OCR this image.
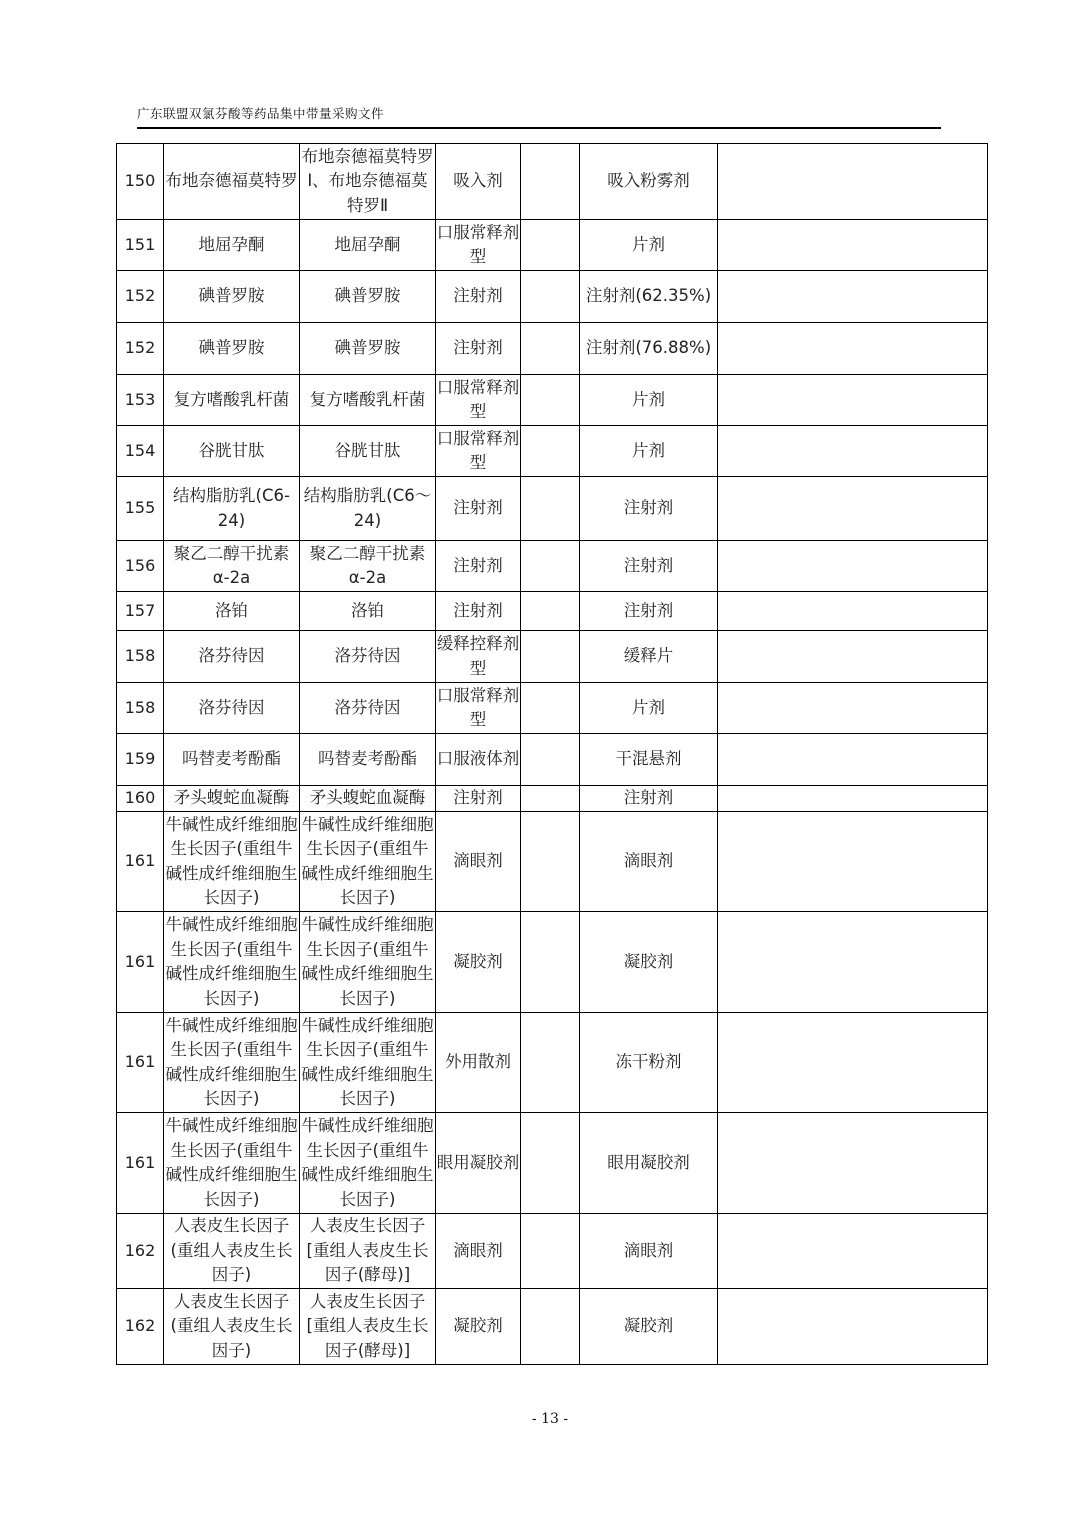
广东联盟双氯芬酸等药品集中带量采购文件
150	布地奈德福莫特罗	布地奈德福莫特罗Ⅰ、布地奈德福莫特罗Ⅱ	吸入剂		吸入粉雾剂	
151	地屈孕酮	地屈孕酮	口服常释剂型		片剂	
152	碘普罗胺	碘普罗胺	注射剂		注射剂(62.35%)	
152	碘普罗胺	碘普罗胺	注射剂		注射剂(76.88%)	
153	复方嗜酸乳杆菌	复方嗜酸乳杆菌	口服常释剂型		片剂	
154	谷胱甘肽	谷胱甘肽	口服常释剂型		片剂	
155	结构脂肪乳(C6-24)	结构脂肪乳(C6～24)	注射剂		注射剂	
156	聚乙二醇干扰素α-2a	聚乙二醇干扰素α-2a	注射剂		注射剂	
157	洛铂	洛铂	注射剂		注射剂	
158	洛芬待因	洛芬待因	缓释控释剂型		缓释片	
158	洛芬待因	洛芬待因	口服常释剂型		片剂	
159	吗替麦考酚酯	吗替麦考酚酯	口服液体剂		干混悬剂	
160	矛头蝮蛇血凝酶	矛头蝮蛇血凝酶	注射剂		注射剂	
161	牛碱性成纤维细胞生长因子(重组牛碱性成纤维细胞生长因子)	牛碱性成纤维细胞生长因子(重组牛碱性成纤维细胞生长因子)	滴眼剂		滴眼剂	
161	牛碱性成纤维细胞生长因子(重组牛碱性成纤维细胞生长因子)	牛碱性成纤维细胞生长因子(重组牛碱性成纤维细胞生长因子)	凝胶剂		凝胶剂	
161	牛碱性成纤维细胞生长因子(重组牛碱性成纤维细胞生长因子)	牛碱性成纤维细胞生长因子(重组牛碱性成纤维细胞生长因子)	外用散剂		冻干粉剂	
161	牛碱性成纤维细胞生长因子(重组牛碱性成纤维细胞生长因子)	牛碱性成纤维细胞生长因子(重组牛碱性成纤维细胞生长因子)	眼用凝胶剂		眼用凝胶剂	
162	人表皮生长因子(重组人表皮生长因子)	人表皮生长因子[重组人表皮生长因子(酵母)]	滴眼剂		滴眼剂	
162	人表皮生长因子(重组人表皮生长因子)	人表皮生长因子[重组人表皮生长因子(酵母)]	凝胶剂		凝胶剂	
- 13 -
